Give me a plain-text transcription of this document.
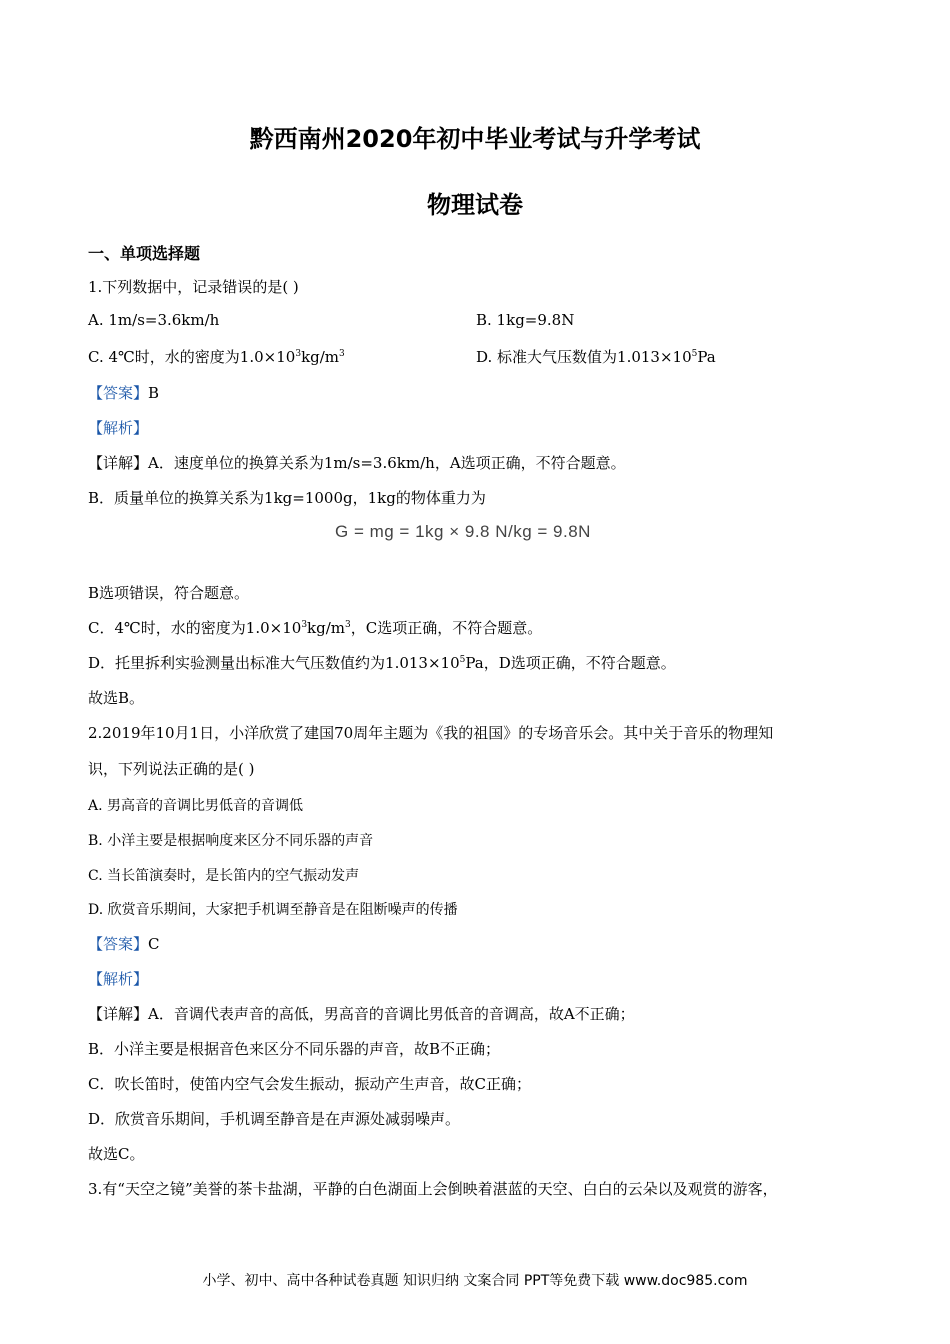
黔西南州2020年初中毕业考试与升学考试
物理试卷
一、单项选择题
1.下列数据中，记录错误的是( )
A. 1m/s=3.6km/h	B. 1kg=9.8N
C. 4℃时，水的密度为$1.0\times 10^3kg/m^3$	D. 标准大气压数值为$1.013\times 10^5Pa$
【答案】B
【解析】
【详解】A．速度单位的换算关系为1m/s=3.6km/h，A选项正确，不符合题意。
B．质量单位的换算关系为1kg=1000g，1kg的物体重力为
G = mg = 1kg × 9.8 N/kg = 9.8N
B选项错误，符合题意。
C．4℃时，水的密度为$1.0\times 10^3kg/m^3$，C选项正确，不符合题意。
D．托里拆利实验测量出标准大气压数值约为$1.013\times 10^5Pa$，D选项正确，不符合题意。
故选B。
2.2019年10月1日，小洋欣赏了建国70周年主题为《我的祖国》的专场音乐会。其中关于音乐的物理知
识，下列说法正确的是( )
A. 男高音的音调比男低音的音调低
B. 小洋主要是根据响度来区分不同乐器的声音
C. 当长笛演奏时，是长笛内的空气振动发声
D. 欣赏音乐期间，大家把手机调至静音是在阻断噪声的传播
【答案】C
【解析】
【详解】A．音调代表声音的高低，男高音的音调比男低音的音调高，故A不正确；
B．小洋主要是根据音色来区分不同乐器的声音，故B不正确；
C．吹长笛时，使笛内空气会发生振动，振动产生声音，故C正确；
D．欣赏音乐期间，手机调至静音是在声源处减弱噪声。
故选C。
3.有“天空之镜”美誉的茶卡盐湖，平静的白色湖面上会倒映着湛蓝的天空、白白的云朵以及观赏的游客，
小学、初中、高中各种试卷真题 知识归纳 文案合同 PPT等免费下载 www.doc985.com
